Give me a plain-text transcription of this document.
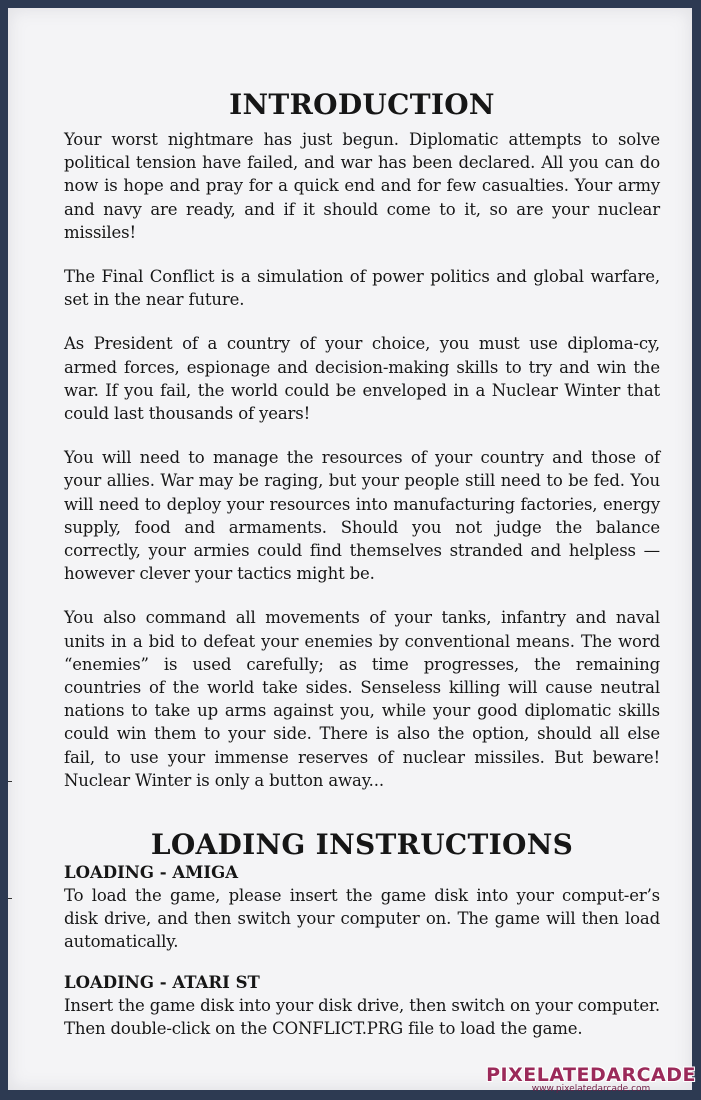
INTRODUCTION

Your worst nightmare has just begun. Diplomatic attempts to solve political tension have failed, and war has been declared. All you can do now is hope and pray for a quick end and for few casualties. Your army and navy are ready, and if it should come to it, so are your nuclear missiles!

The Final Conflict is a simulation of power politics and global warfare, set in the near future.

As President of a country of your choice, you must use diploma-cy, armed forces, espionage and decision-making skills to try and win the war. If you fail, the world could be enveloped in a Nuclear Winter that could last thousands of years!

You will need to manage the resources of your country and those of your allies. War may be raging, but your people still need to be fed. You will need to deploy your resources into manufacturing factories, energy supply, food and armaments. Should you not judge the balance correctly, your armies could find themselves stranded and helpless — however clever your tactics might be.

You also command all movements of your tanks, infantry and naval units in a bid to defeat your enemies by conventional means. The word “enemies” is used carefully; as time progresses, the remaining countries of the world take sides. Senseless killing will cause neutral nations to take up arms against you, while your good diplomatic skills could win them to your side. There is also the option, should all else fail, to use your immense reserves of nuclear missiles. But beware! Nuclear Winter is only a button away...

LOADING INSTRUCTIONS
LOADING - AMIGA

To load the game, please insert the game disk into your comput-er’s disk drive, and then switch your computer on. The game will then load automatically.

LOADING - ATARI ST

Insert the game disk into your disk drive, then switch on your computer. Then double-click on the CONFLICT.PRG file to load the game.

PIXELATEDARCADE
www.pixelatedarcade.com
